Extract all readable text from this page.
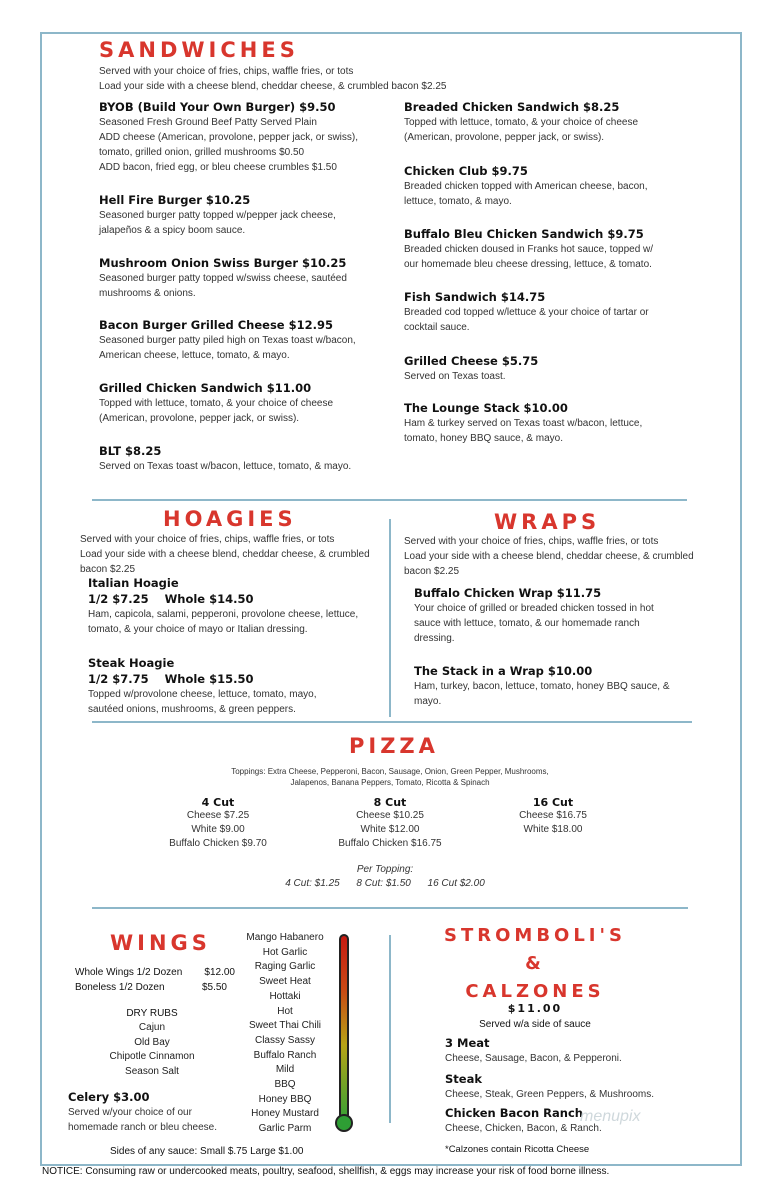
SANDWICHES
Served with your choice of fries, chips, waffle fries, or tots
Load your side with a cheese blend, cheddar cheese, & crumbled bacon $2.25
BYOB (Build Your Own Burger) $9.50
Seasoned Fresh Ground Beef Patty Served Plain
ADD cheese (American, provolone, pepper jack, or swiss),
tomato, grilled onion, grilled mushrooms $0.50
ADD bacon, fried egg, or bleu cheese crumbles $1.50
Hell Fire Burger $10.25
Seasoned burger patty topped w/pepper jack cheese,
jalapeños & a spicy boom sauce.
Mushroom Onion Swiss Burger $10.25
Seasoned burger patty topped w/swiss cheese, sautéed
mushrooms & onions.
Bacon Burger Grilled Cheese $12.95
Seasoned burger patty piled high on Texas toast w/bacon,
American cheese, lettuce, tomato, & mayo.
Grilled Chicken Sandwich $11.00
Topped with lettuce, tomato, & your choice of cheese
(American, provolone, pepper jack, or swiss).
BLT $8.25
Served on Texas toast w/bacon, lettuce, tomato, & mayo.
Breaded Chicken Sandwich $8.25
Topped with lettuce, tomato, & your choice of cheese
(American, provolone, pepper jack, or swiss).
Chicken Club $9.75
Breaded chicken topped with American cheese, bacon,
lettuce, tomato, & mayo.
Buffalo Bleu Chicken Sandwich $9.75
Breaded chicken doused in Franks hot sauce, topped w/
our homemade bleu cheese dressing, lettuce, & tomato.
Fish Sandwich $14.75
Breaded cod topped w/lettuce & your choice of tartar or
cocktail sauce.
Grilled Cheese $5.75
Served on Texas toast.
The Lounge Stack $10.00
Ham & turkey served on Texas toast w/bacon, lettuce,
tomato, honey BBQ sauce, & mayo.
HOAGIES
Served with your choice of fries, chips, waffle fries, or tots
Load your side with a cheese blend, cheddar cheese, & crumbled
bacon $2.25
Italian Hoagie
1/2 $7.25    Whole $14.50
Ham, capicola, salami, pepperoni, provolone cheese, lettuce,
tomato, & your choice of mayo or Italian dressing.
Steak Hoagie
1/2 $7.75    Whole $15.50
Topped w/provolone cheese, lettuce, tomato, mayo,
sautéed onions, mushrooms, & green peppers.
WRAPS
Served with your choice of fries, chips, waffle fries, or tots
Load your side with a cheese blend, cheddar cheese, & crumbled
bacon $2.25
Buffalo Chicken Wrap $11.75
Your choice of grilled or breaded chicken tossed in hot
sauce with lettuce, tomato, & our homemade ranch
dressing.
The Stack in a Wrap $10.00
Ham, turkey, bacon, lettuce, tomato, honey BBQ sauce, &
mayo.
PIZZA
Toppings: Extra Cheese, Pepperoni, Bacon, Sausage, Onion, Green Pepper, Mushrooms,
Jalapenos, Banana Peppers, Tomato, Ricotta & Spinach
4 Cut
Cheese $7.25
White $9.00
Buffalo Chicken $9.70
8 Cut
Cheese $10.25
White $12.00
Buffalo Chicken $16.75
16 Cut
Cheese $16.75
White $18.00
Per Topping:
4 Cut: $1.25      8 Cut: $1.50      16 Cut $2.00
WINGS
Whole Wings 1/2 Dozen $12.00
Boneless 1/2 Dozen	$5.50
DRY RUBS
Cajun
Old Bay
Chipotle Cinnamon
Season Salt
Celery $3.00
Served w/your choice of our
homemade ranch or bleu cheese.
Mango Habanero
Hot Garlic
Raging Garlic
Sweet Heat
Hottaki
Hot
Sweet Thai Chili
Classy Sassy
Buffalo Ranch
Mild
BBQ
Honey BBQ
Honey Mustard
Garlic Parm
Sides of any sauce: Small $.75 Large $1.00
STROMBOLI'S
&
CALZONES
$11.00
Served w/a side of sauce
3 Meat
Cheese, Sausage, Bacon, & Pepperoni.
Steak
Cheese, Steak, Green Peppers, & Mushrooms.
Chicken Bacon Ranch
Cheese, Chicken, Bacon, & Ranch.
*Calzones contain Ricotta Cheese
menupix
NOTICE: Consuming raw or undercooked meats, poultry, seafood, shellfish, & eggs may increase your risk of food borne illness.
